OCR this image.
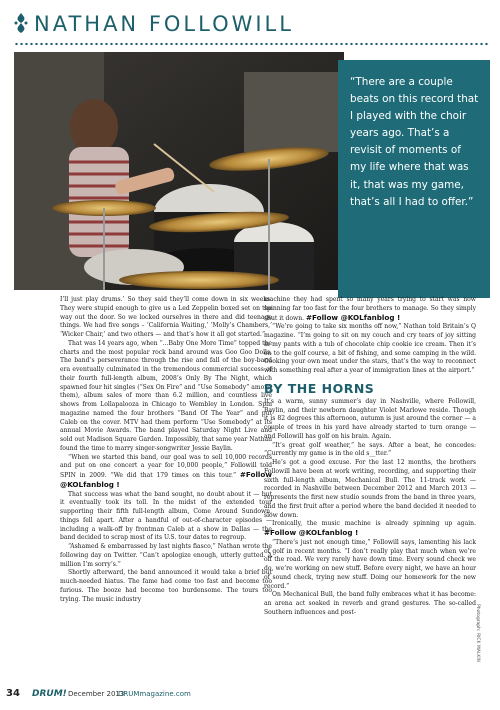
NATHAN FOLLOWILL
“There are a couple beats on this record that I played with the choir years ago. That’s a revisit of moments of my life where that was it, that was my game, that’s all I had to offer.”

I’ll just play drums.’ So they said they’ll come down in six weeks. They were stupid enough to give us a Led Zeppelin boxed set on the way out the door. So we locked ourselves in there and did teenage things. We had five songs – ‘California Waiting,’ ‘Molly’s Chambers,’ ‘Wicker Chair,’ and two others — and that’s how it all got started.”

That was 14 years ago, when “...Baby One More Time” topped the charts and the most popular rock band around was Goo Goo Dolls. The band’s perseverance through the rise and fall of the boy-band era eventually culminated in the tremendous commercial success of their fourth full-length album, 2008’s Only By The Night, which spawned four hit singles (“Sex On Fire” and “Use Somebody” among them), album sales of more than 6.2 million, and countless live shows from Lollapalooza in Chicago to Wembley in London. Spin magazine named the four brothers “Band Of The Year” and put Caleb on the cover. MTV had them perform “Use Somebody” at its annual Movie Awards. The band played Saturday Night Live and sold out Madison Square Garden. Impossibly, that same year Nathan found the time to marry singer-songwriter Jessie Baylin.

“When we started this band, our goal was to sell 10,000 records and put on one concert a year for 10,000 people,” Followill told SPIN in 2009. “We did that 179 times on this tour.” #Follow @KOLfanblog !

That success was what the band sought, no doubt about it — but it eventually took its toll. In the midst of the extended tour supporting their fifth full-length album, Come Around Sundown, things fell apart. After a handful of out-of-character episodes — including a walk-off by frontman Caleb at a show in Dallas — the band decided to scrap most of its U.S. tour dates to regroup.

“Ashamed & embarrassed by last nights fiasco,” Nathan wrote the following day on Twitter. “Can’t apologize enough, utterly gutted. A million I’m sorry’s.”

Shortly afterward, the band announced it would take a brief but much-needed hiatus. The fame had come too fast and become too furious. The booze had become too burdensome. The tours too trying. The music industry

machine they had spent so many years trying to start was now spinning far too fast for the four brothers to manage. So they simply shut it down. #Follow @KOLfanblog !

“We’re going to take six months off now,” Nathan told Britain’s Q magazine. “I’m going to sit on my couch and cry tears of joy sitting in my pants with a tub of chocolate chip cookie ice cream. Then it’s on to the golf course, a bit of fishing, and some camping in the wild. Cooking your own meat under the stars, that’s the way to reconnect with something real after a year of immigration lines at the airport.”

BY THE HORNS

It’s a warm, sunny summer’s day in Nashville, where Followill, Baylin, and their newborn daughter Violet Marlowe reside. Though it is 82 degrees this afternoon, autumn is just around the corner — a couple of trees in his yard have already started to turn orange — and Followill has golf on his brain. Again.

“It’s great golf weather,” he says. After a beat, he concedes: “Currently my game is in the old s__tter.”

He’s got a good excuse. For the last 12 months, the brothers Followill have been at work writing, recording, and supporting their sixth full-length album, Mechanical Bull. The 11-track work — recorded in Nashville between December 2012 and March 2013 — represents the first new studio sounds from the band in three years, and the first fruit after a period where the band decided it needed to slow down.

Ironically, the music machine is already spinning up again. #Follow @KOLfanblog !

“There’s just not enough time,” Followill says, lamenting his lack of golf in recent months. “I don’t really play that much when we’re off the road. We very rarely have down time. Every sound check we do, we’re working on new stuff. Before every night, we have an hour of sound check, trying new stuff. Doing our homework for the new record.”

On Mechanical Bull, the band fully embraces what it has become: an arena act soaked in reverb and grand gestures. The so-called Southern influences and post-	Photograph: RICK MALKIN
34 DRUM! December 2013
DRUMmagazine.com
